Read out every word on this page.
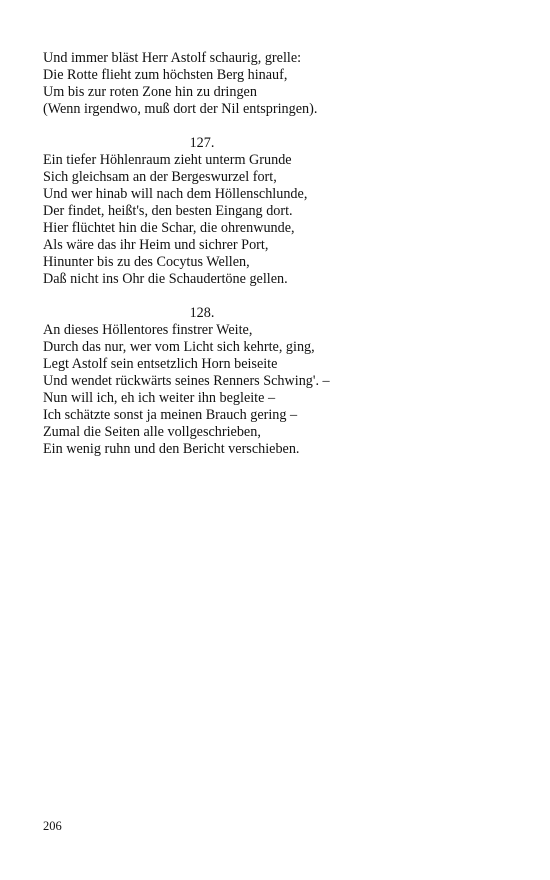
Und immer bläst Herr Astolf schaurig, grelle:
Die Rotte flieht zum höchsten Berg hinauf,
Um bis zur roten Zone hin zu dringen
(Wenn irgendwo, muß dort der Nil entspringen).
127.
Ein tiefer Höhlenraum zieht unterm Grunde
Sich gleichsam an der Bergeswurzel fort,
Und wer hinab will nach dem Höllenschlunde,
Der findet, heißt's, den besten Eingang dort.
Hier flüchtet hin die Schar, die ohrenwunde,
Als wäre das ihr Heim und sichrer Port,
Hinunter bis zu des Cocytus Wellen,
Daß nicht ins Ohr die Schaudertöne gellen.
128.
An dieses Höllentores finstrer Weite,
Durch das nur, wer vom Licht sich kehrte, ging,
Legt Astolf sein entsetzlich Horn beiseite
Und wendet rückwärts seines Renners Schwing'. –
Nun will ich, eh ich weiter ihn begleite –
Ich schätzte sonst ja meinen Brauch gering –
Zumal die Seiten alle vollgeschrieben,
Ein wenig ruhn und den Bericht verschieben.
206
